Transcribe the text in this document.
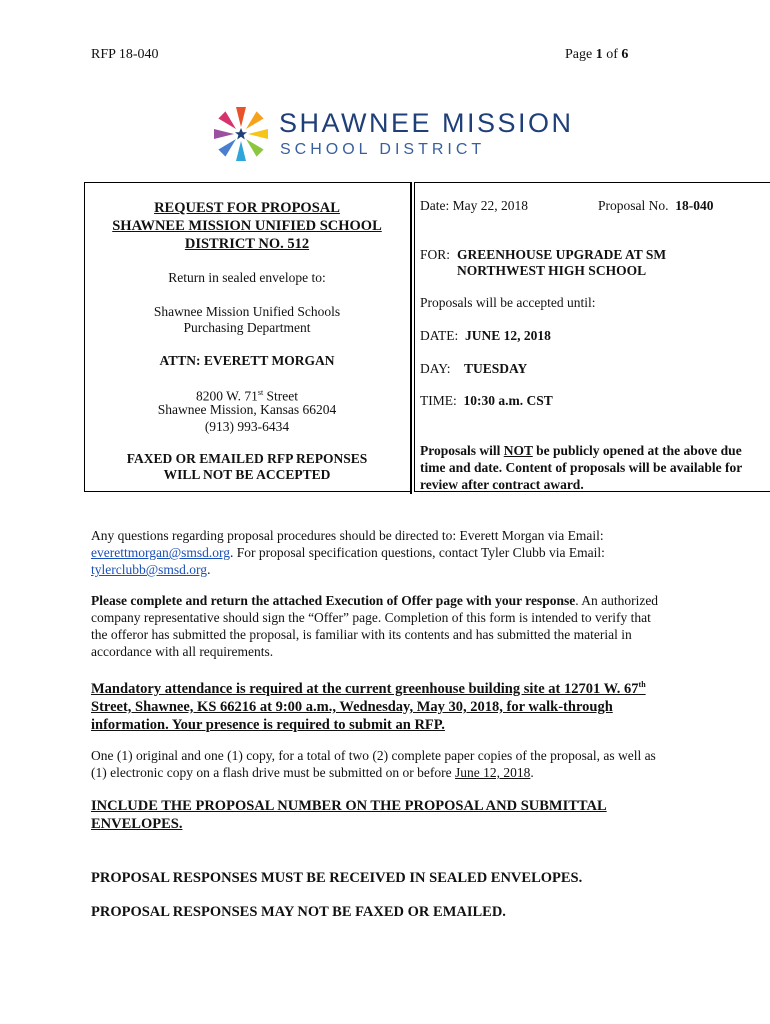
RFP 18-040	Page 1 of 6
SHAWNEE MISSION
SCHOOL DISTRICT
REQUEST FOR PROPOSAL
SHAWNEE MISSION UNIFIED SCHOOL
DISTRICT NO. 512
Return in sealed envelope to:
Shawnee Mission Unified Schools
Purchasing Department
ATTN: EVERETT MORGAN
8200 W. 71st Street
Shawnee Mission, Kansas 66204
(913) 993-6434
FAXED OR EMAILED RFP REPONSES
WILL NOT BE ACCEPTED
Date: May 22, 2018	Proposal No. 18-040
FOR: GREENHOUSE UPGRADE AT SM
NORTHWEST HIGH SCHOOL
Proposals will be accepted until:
DATE: JUNE 12, 2018
DAY: TUESDAY
TIME: 10:30 a.m. CST
Proposals will NOT be publicly opened at the above due
time and date. Content of proposals will be available for
review after contract award.
Any questions regarding proposal procedures should be directed to: Everett Morgan via Email:
everettmorgan@smsd.org. For proposal specification questions, contact Tyler Clubb via Email:
tylerclubb@smsd.org.
Please complete and return the attached Execution of Offer page with your response. An authorized
company representative should sign the “Offer” page. Completion of this form is intended to verify that
the offeror has submitted the proposal, is familiar with its contents and has submitted the material in
accordance with all requirements.
Mandatory attendance is required at the current greenhouse building site at 12701 W. 67th
Street, Shawnee, KS 66216 at 9:00 a.m., Wednesday, May 30, 2018, for walk-through
information. Your presence is required to submit an RFP.
One (1) original and one (1) copy, for a total of two (2) complete paper copies of the proposal, as well as
(1) electronic copy on a flash drive must be submitted on or before June 12, 2018.
INCLUDE THE PROPOSAL NUMBER ON THE PROPOSAL AND SUBMITTAL
ENVELOPES.
PROPOSAL RESPONSES MUST BE RECEIVED IN SEALED ENVELOPES.
PROPOSAL RESPONSES MAY NOT BE FAXED OR EMAILED.
